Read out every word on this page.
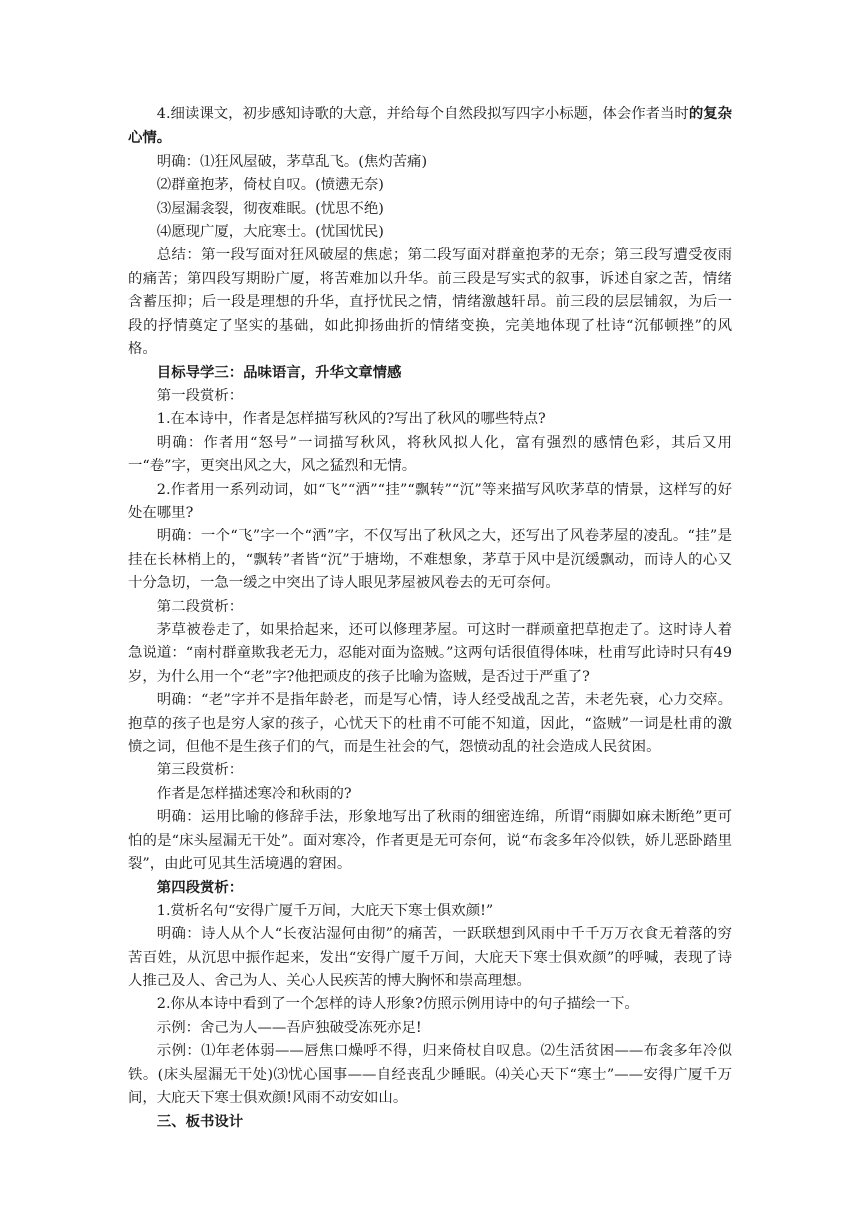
4.细读课文，初步感知诗歌的大意，并给每个自然段拟写四字小标题，体会作者当时的复杂心情。

明确：⑴狂风屋破，茅草乱飞。(焦灼苦痛)

⑵群童抱茅，倚杖自叹。(愤懑无奈)

⑶屋漏衾裂，彻夜难眠。(忧思不绝)

⑷愿现广厦，大庇寒士。(忧国忧民)

总结：第一段写面对狂风破屋的焦虑；第二段写面对群童抱茅的无奈；第三段写遭受夜雨的痛苦；第四段写期盼广厦，将苦难加以升华。前三段是写实式的叙事，诉述自家之苦，情绪含蓄压抑；后一段是理想的升华，直抒忧民之情，情绪激越轩昂。前三段的层层铺叙，为后一段的抒情奠定了坚实的基础，如此抑扬曲折的情绪变换，完美地体现了杜诗“沉郁顿挫”的风格。

目标导学三：品味语言，升华文章情感

第一段赏析：

1.在本诗中，作者是怎样描写秋风的?写出了秋风的哪些特点?

明确：作者用“怒号”一词描写秋风，将秋风拟人化，富有强烈的感情色彩，其后又用一“卷”字，更突出风之大，风之猛烈和无情。

2.作者用一系列动词，如“飞”“洒”“挂”“飘转”“沉”等来描写风吹茅草的情景，这样写的好处在哪里?

明确：一个“飞”字一个“洒”字，不仅写出了秋风之大，还写出了风卷茅屋的凌乱。“挂”是挂在长林梢上的，“飘转”者皆“沉”于塘坳，不难想象，茅草于风中是沉缓飘动，而诗人的心又十分急切，一急一缓之中突出了诗人眼见茅屋被风卷去的无可奈何。

第二段赏析：

茅草被卷走了，如果拾起来，还可以修理茅屋。可这时一群顽童把草抱走了。这时诗人着急说道：“南村群童欺我老无力，忍能对面为盗贼。”这两句话很值得体味，杜甫写此诗时只有49岁，为什么用一个“老”字?他把顽皮的孩子比喻为盗贼，是否过于严重了?

明确：“老”字并不是指年龄老，而是写心情，诗人经受战乱之苦，未老先衰，心力交瘁。抱草的孩子也是穷人家的孩子，心忧天下的杜甫不可能不知道，因此，“盗贼”一词是杜甫的激愤之词，但他不是生孩子们的气，而是生社会的气，怨愤动乱的社会造成人民贫困。

第三段赏析：

作者是怎样描述寒冷和秋雨的?

明确：运用比喻的修辞手法，形象地写出了秋雨的细密连绵，所谓“雨脚如麻未断绝”更可怕的是“床头屋漏无干处”。面对寒冷，作者更是无可奈何，说“布衾多年冷似铁，娇儿恶卧踏里裂”，由此可见其生活境遇的窘困。

第四段赏析：

1.赏析名句“安得广厦千万间，大庇天下寒士俱欢颜!”

明确：诗人从个人“长夜沾湿何由彻”的痛苦，一跃联想到风雨中千千万万衣食无着落的穷苦百姓，从沉思中振作起来，发出“安得广厦千万间，大庇天下寒士俱欢颜”的呼喊，表现了诗人推己及人、舍己为人、关心人民疾苦的博大胸怀和崇高理想。

2.你从本诗中看到了一个怎样的诗人形象?仿照示例用诗中的句子描绘一下。

示例：舍己为人——吾庐独破受冻死亦足!

示例：⑴年老体弱——唇焦口燥呼不得，归来倚杖自叹息。⑵生活贫困——布衾多年冷似铁。(床头屋漏无干处)⑶忧心国事——自经丧乱少睡眠。⑷关心天下“寒士”——安得广厦千万间，大庇天下寒士俱欢颜!风雨不动安如山。

三、板书设计
